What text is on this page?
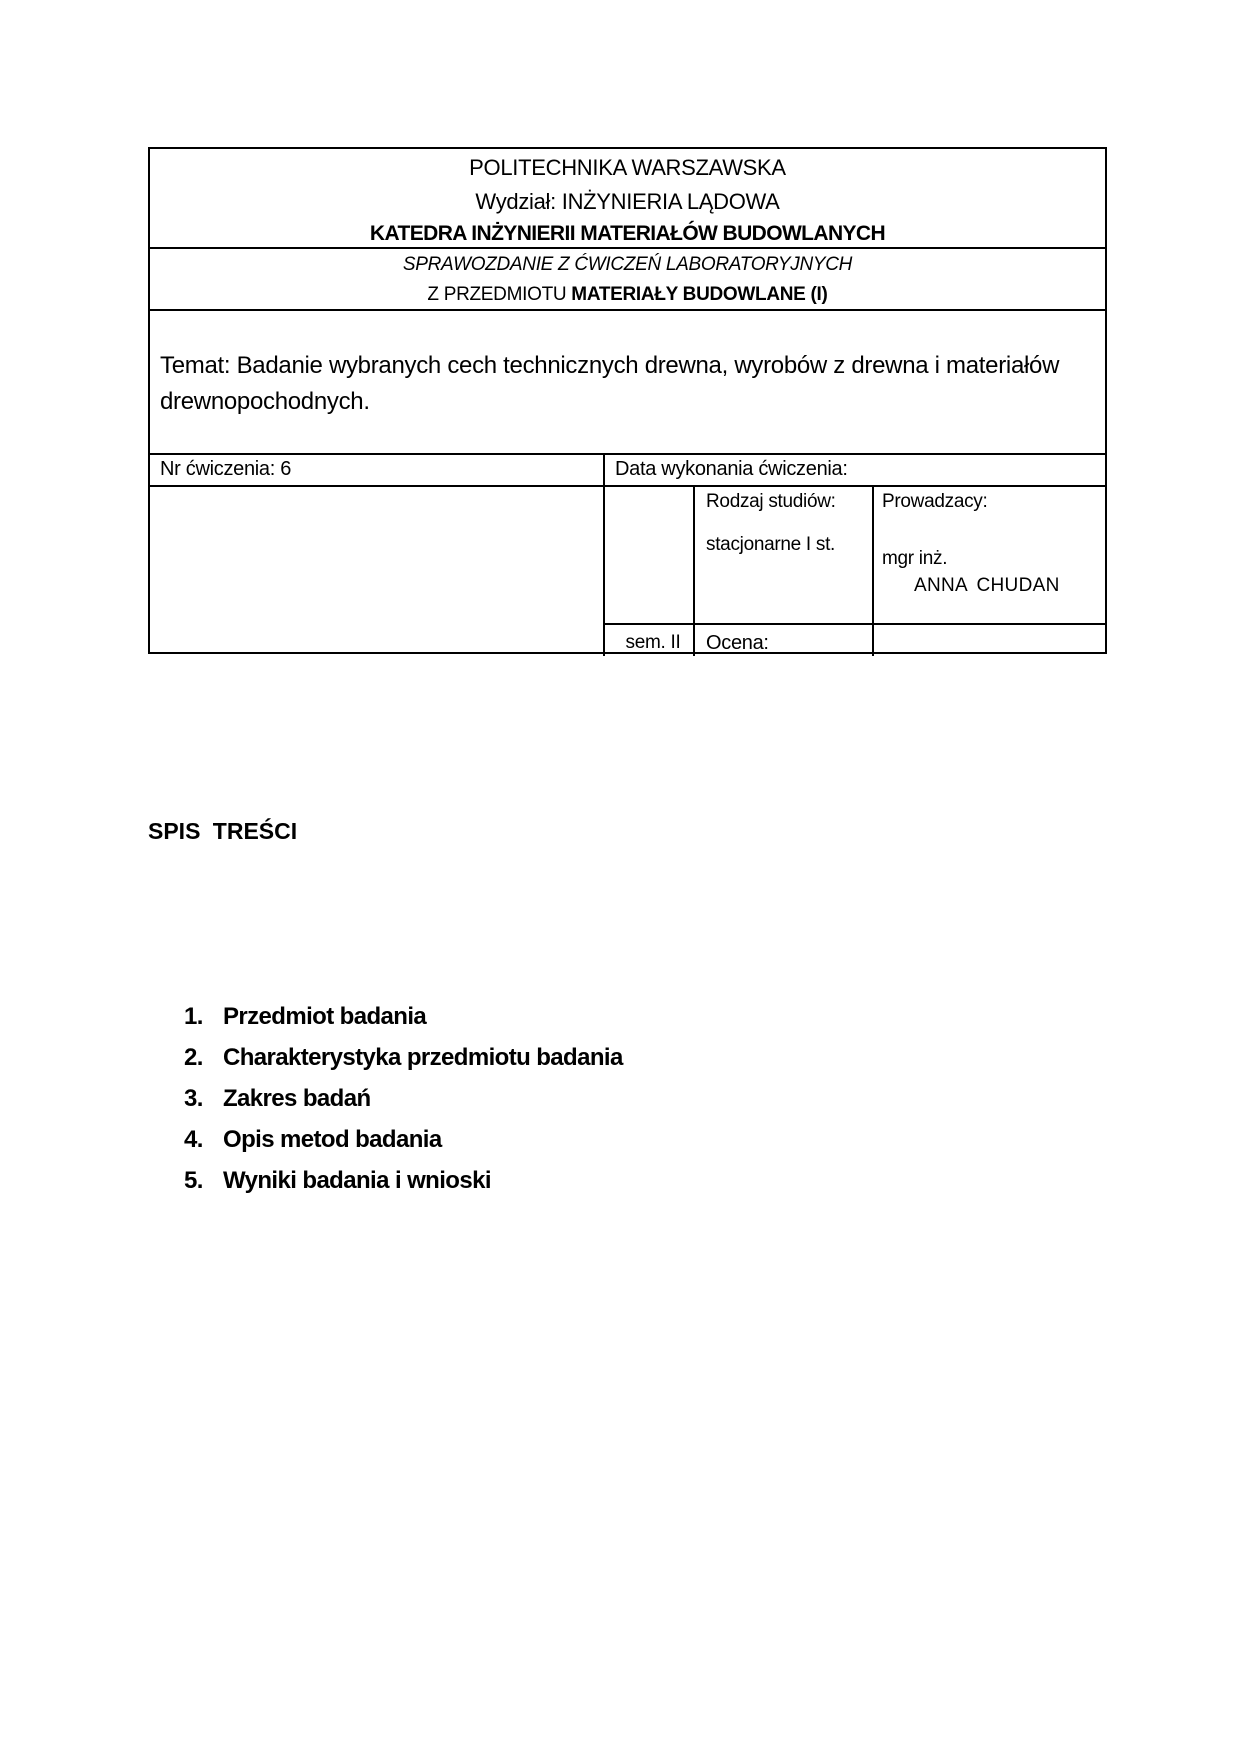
POLITECHNIKA WARSZAWSKA
Wydział: INŻYNIERIA LĄDOWA
KATEDRA INŻYNIERII MATERIAŁÓW BUDOWLANYCH
SPRAWOZDANIE Z ĆWICZEŃ LABORATORYJNYCH
Z PRZEDMIOTU MATERIAŁY BUDOWLANE (I)
Temat: Badanie wybranych cech technicznych drewna, wyrobów z drewna i materiałów drewnopochodnych.
Nr ćwiczenia: 6	Data wykonania ćwiczenia:
sem. II
Rodzaj studiów:
stacjonarne I st.
Ocena:
Prowadzacy:
mgr inż.
ANNA CHUDAN
SPIS TREŚCI
1. Przedmiot badania
2. Charakterystyka przedmiotu badania
3. Zakres badań
4. Opis metod badania
5. Wyniki badania i wnioski
